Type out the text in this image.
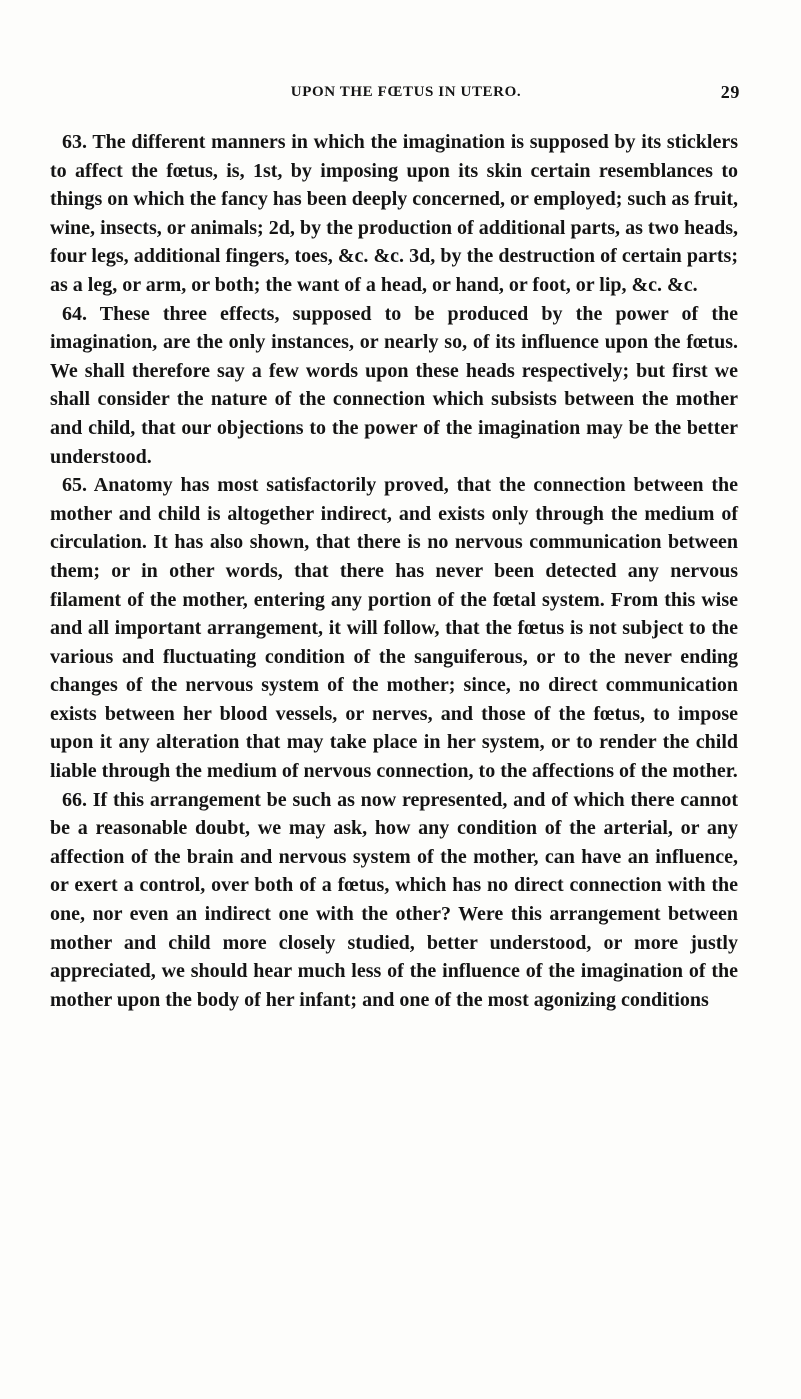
UPON THE FŒTUS IN UTERO.	29

63. The different manners in which the imagination is supposed by its sticklers to affect the fœtus, is, 1st, by imposing upon its skin certain resemblances to things on which the fancy has been deeply concerned, or employed; such as fruit, wine, insects, or animals; 2d, by the production of additional parts, as two heads, four legs, additional fingers, toes, &c. &c. 3d, by the destruction of certain parts; as a leg, or arm, or both; the want of a head, or hand, or foot, or lip, &c. &c.

64. These three effects, supposed to be produced by the power of the imagination, are the only instances, or nearly so, of its influence upon the fœtus. We shall therefore say a few words upon these heads respectively; but first we shall consider the nature of the connection which subsists between the mother and child, that our objections to the power of the imagination may be the better understood.

65. Anatomy has most satisfactorily proved, that the connection between the mother and child is altogether indirect, and exists only through the medium of circulation. It has also shown, that there is no nervous communication between them; or in other words, that there has never been detected any nervous filament of the mother, entering any portion of the fœtal system. From this wise and all important arrangement, it will follow, that the fœtus is not subject to the various and fluctuating condition of the sanguiferous, or to the never ending changes of the nervous system of the mother; since, no direct communication exists between her blood vessels, or nerves, and those of the fœtus, to impose upon it any alteration that may take place in her system, or to render the child liable through the medium of nervous connection, to the affections of the mother.

66. If this arrangement be such as now represented, and of which there cannot be a reasonable doubt, we may ask, how any condition of the arterial, or any affection of the brain and nervous system of the mother, can have an influence, or exert a control, over both of a fœtus, which has no direct connection with the one, nor even an indirect one with the other? Were this arrangement between mother and child more closely studied, better understood, or more justly appreciated, we should hear much less of the influence of the imagination of the mother upon the body of her infant; and one of the most agonizing conditions
